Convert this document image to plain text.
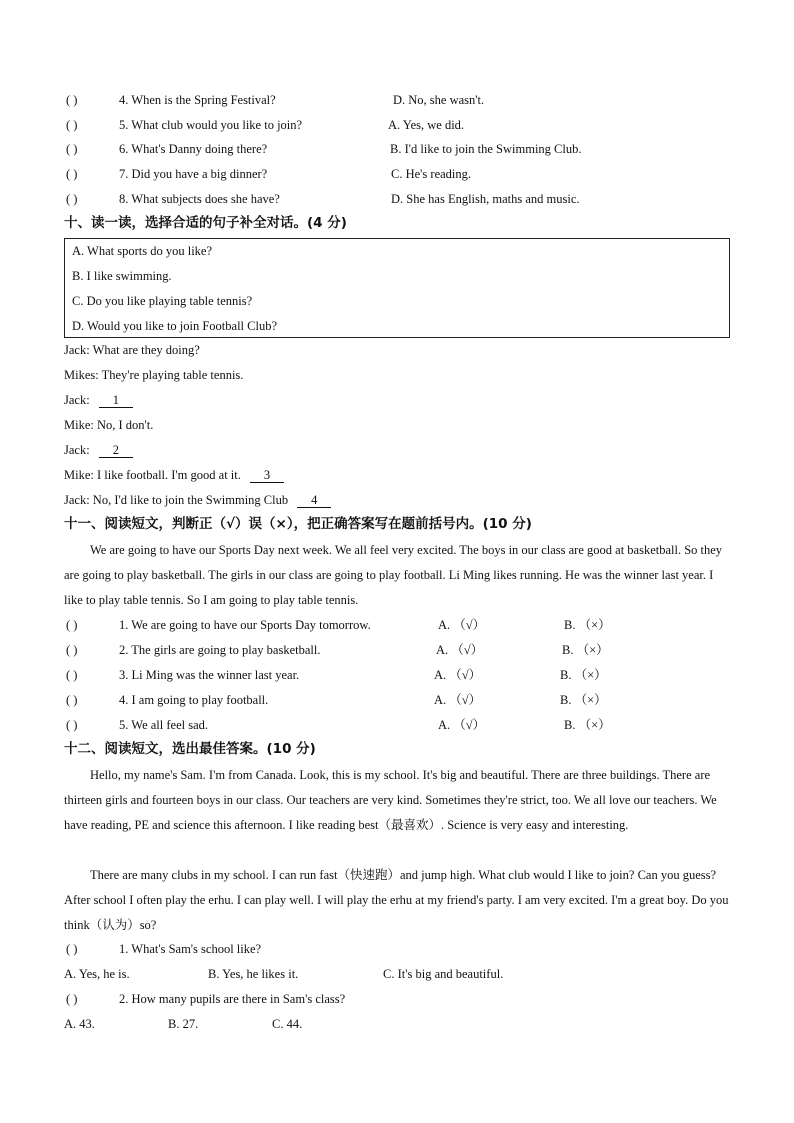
( )	4. When is the Spring Festival?	D. No, she wasn't.
( )	5. What club would you like to join?	A. Yes, we did.
( )	6. What's Danny doing there?	B. I'd like to join the Swimming Club.
( )	7. Did you have a big dinner?	C. He's reading.
( )	8. What subjects does she have?	D. She has English, maths and music.
十、读一读，选择合适的句子补全对话。(4 分)
A. What sports do you like?
B. I like swimming.
C. Do you like playing table tennis?
D. Would you like to join Football Club?
Jack: What are they doing?
Mikes: They're playing table tennis.
Jack: 1
Mike: No, I don't.
Jack: 2
Mike: I like football. I'm good at it. 3
Jack: No, I'd like to join the Swimming Club 4
十一、阅读短文，判断正（√）误（×），把正确答案写在题前括号内。(10 分)
We are going to have our Sports Day next week. We all feel very excited. The boys in our class are good at basketball. So they are going to play basketball. The girls in our class are going to play football. Li Ming likes running. He was the winner last year. I like to play table tennis. So I am going to play table tennis.
( )	1. We are going to have our Sports Day tomorrow.	A. （√）	B. （×）
( )	2. The girls are going to play basketball.	A. （√）	B. （×）
( )	3. Li Ming was the winner last year.	A. （√）	B. （×）
( )	4. I am going to play football.	A. （√）	B. （×）
( )	5. We all feel sad.	A. （√）	B. （×）
十二、阅读短文，选出最佳答案。(10 分)
Hello, my name's Sam. I'm from Canada. Look, this is my school. It's big and beautiful. There are three buildings. There are thirteen girls and fourteen boys in our class. Our teachers are very kind. Sometimes they're strict, too. We all love our teachers. We have reading, PE and science this afternoon. I like reading best（最喜欢）. Science is very easy and interesting.
There are many clubs in my school. I can run fast（快速跑）and jump high. What club would I like to join? Can you guess? After school I often play the erhu. I can play well. I will play the erhu at my friend's party. I am very excited. I'm a great boy. Do you think（认为）so?
( )	1. What's Sam's school like?
A. Yes, he is.	B. Yes, he likes it.	C. It's big and beautiful.
( )	2. How many pupils are there in Sam's class?
A. 43.	B. 27.	C. 44.
